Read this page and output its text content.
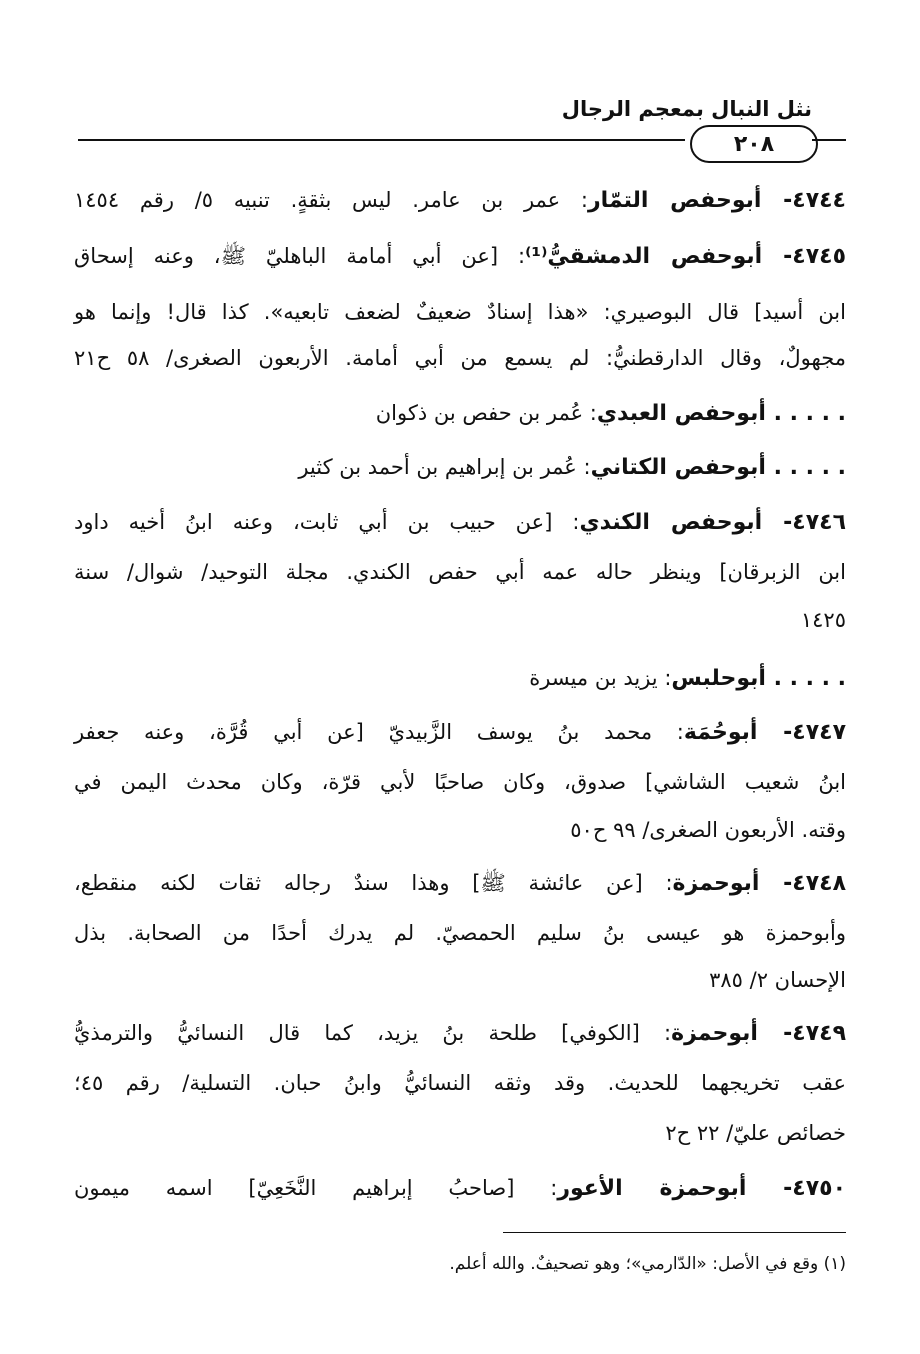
نثل النبال بمعجم الرجال
٢٠٨
٤٧٤٤- أبوحفص التمّار: عمر بن عامر. ليس بثقةٍ. تنبيه ٥/ رقم ١٤٥٤
٤٧٤٥- أبوحفص الدمشقيُّ⁽¹⁾: [عن أبي أمامة الباهليّ ﷺ، وعنه إسحاق
ابن أسيد] قال البوصيري: «هذا إسنادٌ ضعيفٌ لضعف تابعيه». كذا قال! وإنما هو
مجهولٌ، وقال الدارقطنيُّ: لم يسمع من أبي أمامة. الأربعون الصغرى/ ٥٨ ح٢١
. . . . . أبوحفص العبدي: عُمر بن حفص بن ذكوان
. . . . . أبوحفص الكتاني: عُمر بن إبراهيم بن أحمد بن كثير
٤٧٤٦- أبوحفص الكندي: [عن حبيب بن أبي ثابت، وعنه ابنُ أخيه داود
ابن الزبرقان] وينظر حاله عمه أبي حفص الكندي. مجلة التوحيد/ شوال/ سنة
١٤٢٥
. . . . . أبوحلبس: يزيد بن ميسرة
٤٧٤٧- أبوحُمَة: محمد بنُ يوسف الزَّبيديّ [عن أبي قُرَّة، وعنه جعفر
ابنُ شعيب الشاشي] صدوق، وكان صاحبًا لأبي قرّة، وكان محدث اليمن في
وقته. الأربعون الصغرى/ ٩٩ ح٥٠
٤٧٤٨- أبوحمزة: [عن عائشة ﷺ] وهذا سندٌ رجاله ثقات لكنه منقطع،
وأبوحمزة هو عيسى بنُ سليم الحمصيّ. لم يدرك أحدًا من الصحابة. بذل
الإحسان ٢/ ٣٨٥
٤٧٤٩- أبوحمزة: [الكوفي] طلحة بنُ يزيد، كما قال النسائيُّ والترمذيُّ
عقب تخريجهما للحديث. وقد وثقه النسائيُّ وابنُ حبان. التسلية/ رقم ٤٥؛
خصائص عليّ/ ٢٢ ح٢
٤٧٥٠- أبوحمزة الأعور: [صاحبُ إبراهيم النَّخَعِيّ] اسمه ميمون
(١) وقع في الأصل: «الدّارمي»؛ وهو تصحيفٌ. والله أعلم.
